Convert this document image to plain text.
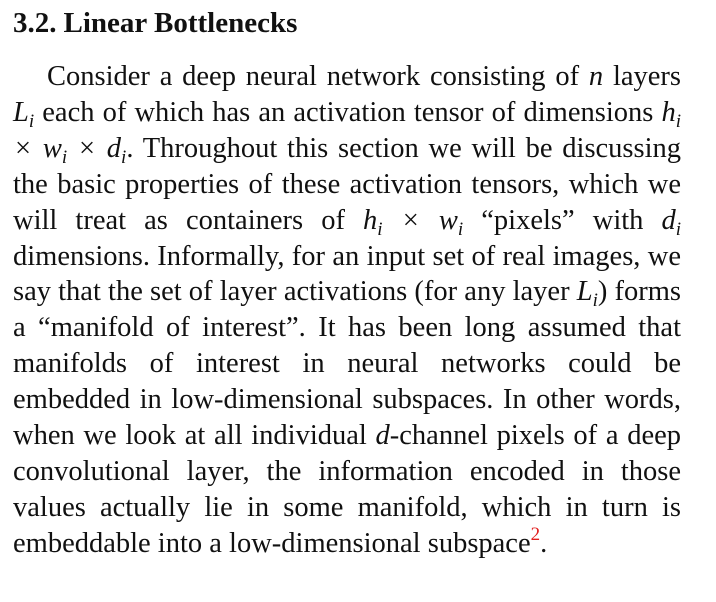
3.2. Linear Bottlenecks

Consider a deep neural network consisting of n layers $L_i$ each of which has an activation tensor of dimensions $h_i \times w_i \times d_i$. Throughout this section we will be discussing the basic properties of these activation tensors, which we will treat as containers of $h_i \times w_i$ “pixels” with $d_i$ dimensions. Informally, for an input set of real images, we say that the set of layer activations (for any layer $L_i$) forms a “manifold of interest”. It has been long assumed that manifolds of interest in neural networks could be embedded in low-dimensional subspaces. In other words, when we look at all individual d-channel pixels of a deep convolutional layer, the information encoded in those values actually lie in some manifold, which in turn is embeddable into a low-dimensional subspace$^2$.
